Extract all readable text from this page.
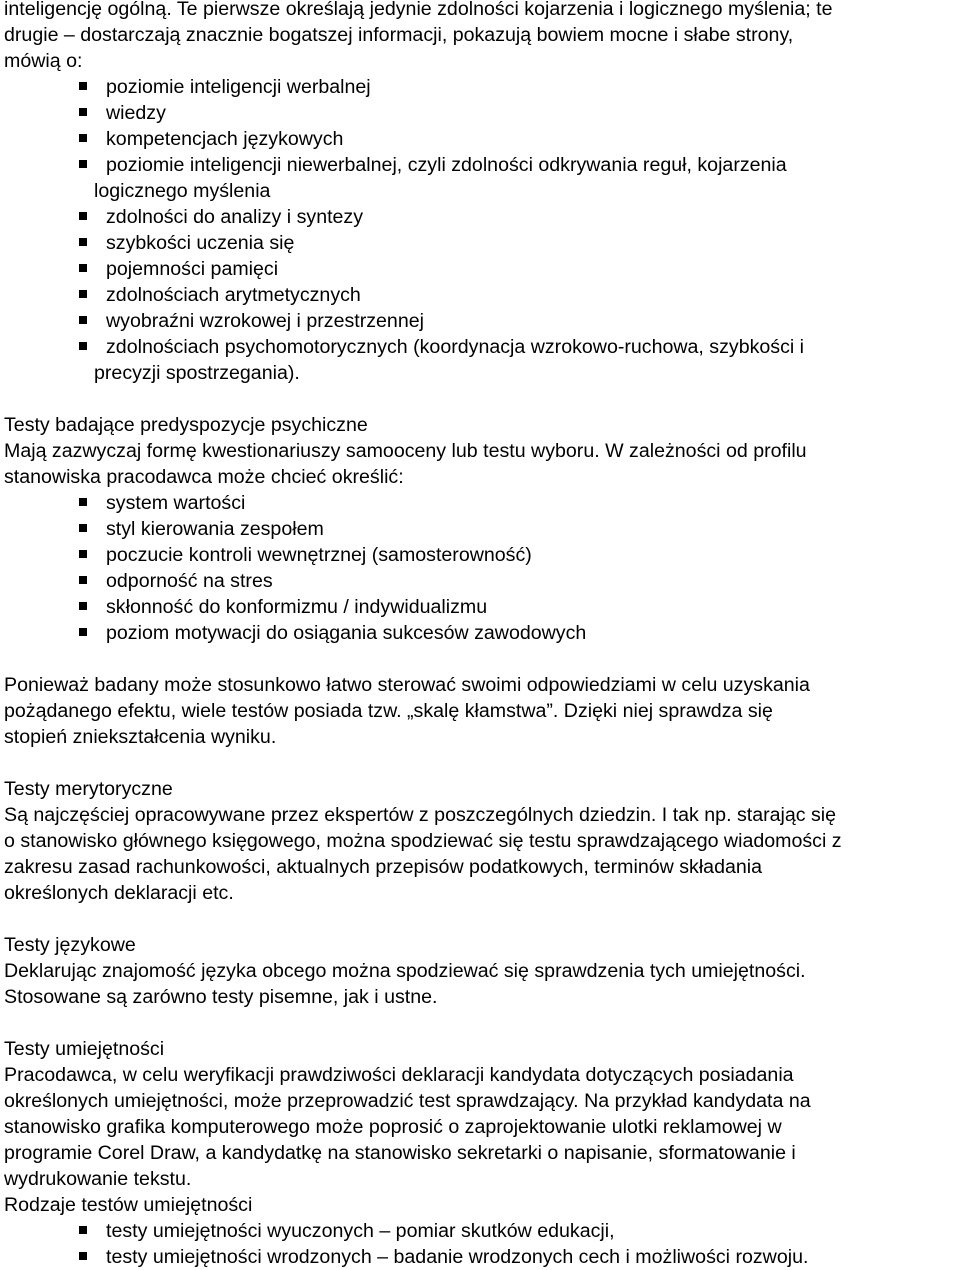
inteligencję ogólną. Te pierwsze określają jedynie zdolności kojarzenia i logicznego myślenia; te

drugie – dostarczają znacznie bogatszej informacji, pokazują bowiem mocne i słabe strony,

mówią o:

poziomie inteligencji werbalnej
wiedzy
kompetencjach językowych
poziomie inteligencji niewerbalnej, czyli zdolności odkrywania reguł, kojarzenia
logicznego myślenia
zdolności do analizy i syntezy
szybkości uczenia się
pojemności pamięci
zdolnościach arytmetycznych
wyobraźni wzrokowej i przestrzennej
zdolnościach psychomotorycznych (koordynacja wzrokowo-ruchowa, szybkości i
precyzji spostrzegania).

Testy badające predyspozycje psychiczne

Mają zazwyczaj formę kwestionariuszy samooceny lub testu wyboru. W zależności od profilu

stanowiska pracodawca może chcieć określić:

system wartości
styl kierowania zespołem
poczucie kontroli wewnętrznej (samosterowność)
odporność na stres
skłonność do konformizmu / indywidualizmu
poziom motywacji do osiągania sukcesów zawodowych

Ponieważ badany może stosunkowo łatwo sterować swoimi odpowiedziami w celu uzyskania

pożądanego efektu, wiele testów posiada tzw. „skalę kłamstwa”. Dzięki niej sprawdza się

stopień zniekształcenia wyniku.

Testy merytoryczne

Są najczęściej opracowywane przez ekspertów z poszczególnych dziedzin. I tak np. starając się

o stanowisko głównego księgowego, można spodziewać się testu sprawdzającego wiadomości z

zakresu zasad rachunkowości, aktualnych przepisów podatkowych, terminów składania

określonych deklaracji etc.

Testy językowe

Deklarując znajomość języka obcego można spodziewać się sprawdzenia tych umiejętności.

Stosowane są zarówno testy pisemne, jak i ustne.

Testy umiejętności

Pracodawca, w celu weryfikacji prawdziwości deklaracji kandydata dotyczących posiadania

określonych umiejętności, może przeprowadzić test sprawdzający. Na przykład kandydata na

stanowisko grafika komputerowego może poprosić o zaprojektowanie ulotki reklamowej w

programie Corel Draw, a kandydatkę na stanowisko sekretarki o napisanie, sformatowanie i

wydrukowanie tekstu.

Rodzaje testów umiejętności

testy umiejętności wyuczonych – pomiar skutków edukacji,
testy umiejętności wrodzonych – badanie wrodzonych cech i możliwości rozwoju.
